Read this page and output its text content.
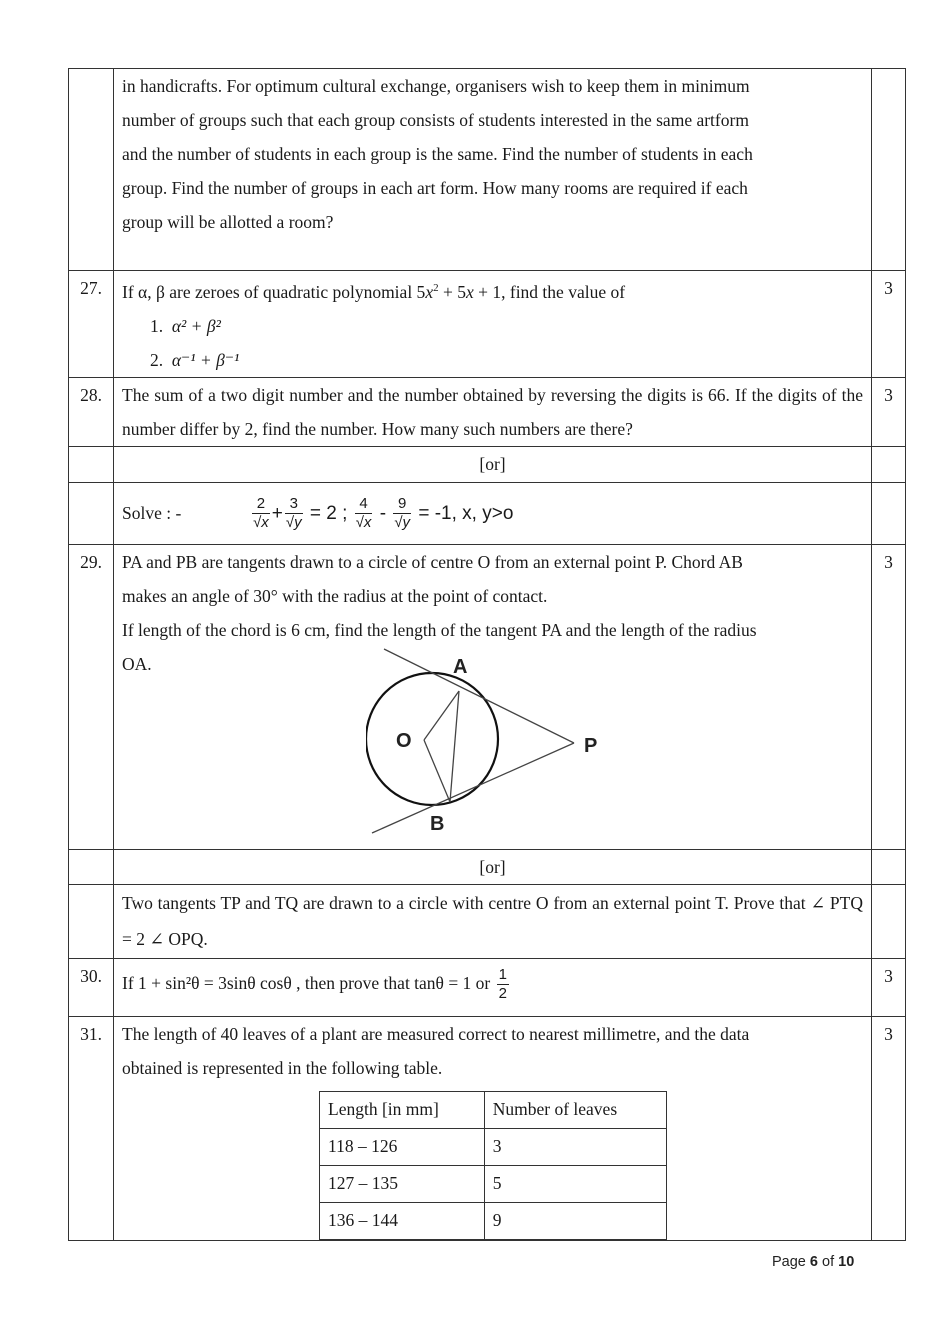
in handicrafts. For optimum cultural exchange, organisers wish to keep them in minimum
number of groups such that each group consists of students interested in the same artform
and the number of students in each group is the same. Find the number of students in each
group. Find the number of groups in each art form. How many rooms are required if each
group will be allotted a room?

27.	If α, β are zeroes of quadratic polynomial $5x^2 + 5x + 1$, find the value of
1. α² + β²
2. α⁻¹ + β⁻¹
	3
28.	The sum of a two digit number and the number obtained by reversing the digits is 66. If the digits of the number differ by 2, find the number. How many such numbers are there?	3
	[or]	
	Solve : -	$\frac{2}{√x} + \frac{3}{√y} = 2$ ; $\frac{4}{√x} - \frac{9}{√y} = -1$, x, y>o	
29.	PA and PB are tangents drawn to a circle of centre O from an external point P. Chord AB
makes an angle of 30° with the radius at the point of contact.
If length of the chord is 6 cm, find the length of the tangent PA and the length of the radius
OA.	A
O	P
B
	3
	[or]	
	Two tangents TP and TQ are drawn to a circle with centre O from an external point T. Prove that ∠ PTQ = 2 ∠ OPQ.	
30.	If 1 + sin²θ = 3sinθ cosθ , then prove that tanθ = 1 or $\frac{1}{2}$	3
31.	The length of 40 leaves of a plant are measured correct to nearest millimetre, and the data
obtained is represented in the following table.
Length [in mm]	Number of leaves
118 – 126	3
127 – 135	5
136 – 144	9
	3
Page 6 of 10
